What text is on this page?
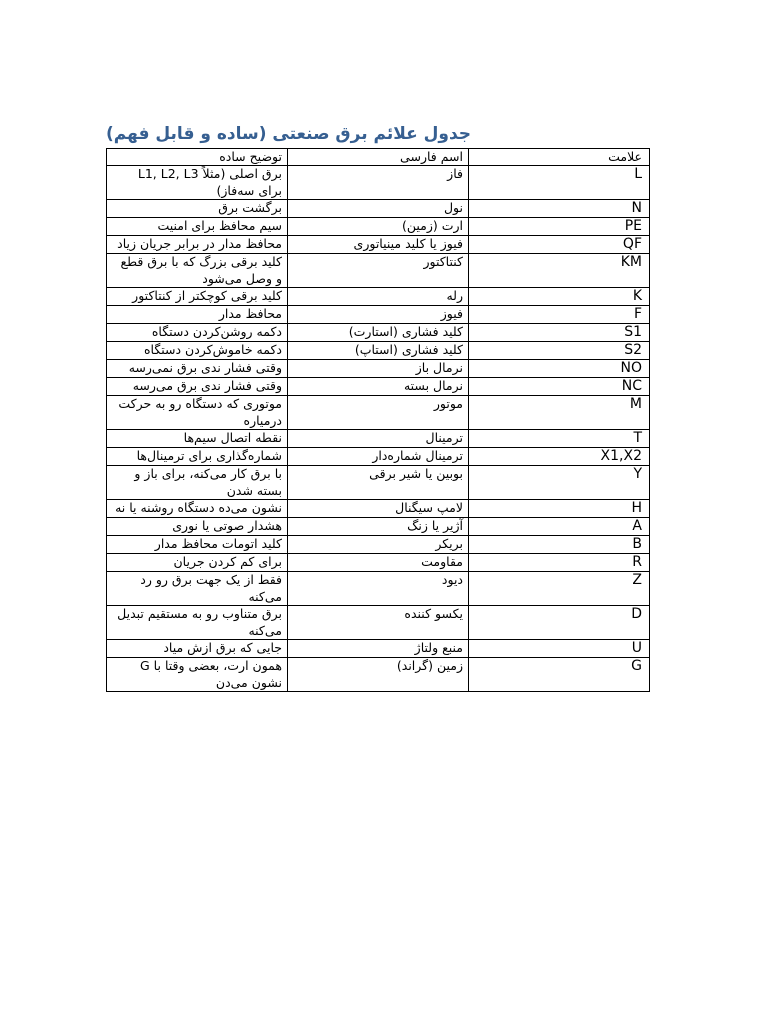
جدول علائم برق صنعتی (ساده و قابل فهم)
علامت	اسم فارسی	توضیح ساده
L	فاز	برق اصلی (مثلاً L1, L2, L3 برای سه‌فاز)

N	نول	برگشت برق

PE	ارت (زمین)	سیم محافظ برای امنیت

QF	فیوز یا کلید مینیاتوری	محافظ مدار در برابر جریان زیاد

KM	کنتاکتور	کلید برقی بزرگ که با برق قطع و وصل می‌شود

K	رله	کلید برقی کوچکتر از کنتاکتور

F	فیوز	محافظ مدار

S1	کلید فشاری (استارت)	دکمه روشن‌کردن دستگاه

S2	کلید فشاری (استاپ)	دکمه خاموش‌کردن دستگاه

NO	نرمال باز	وقتی فشار ندی برق نمی‌رسه

NC	نرمال بسته	وقتی فشار ندی برق می‌رسه

M	موتور	موتوری که دستگاه رو به حرکت درمیاره

T	ترمینال	نقطه اتصال سیم‌ها

X1,X2	ترمینال شماره‌دار	شماره‌گذاری برای ترمینال‌ها

Y	بوبین یا شیر برقی	با برق کار می‌کنه، برای باز و بسته شدن

H	لامپ سیگنال	نشون می‌ده دستگاه روشنه یا نه

A	آژیر یا زنگ	هشدار صوتی یا نوری

B	بریکر	کلید اتومات محافظ مدار

R	مقاومت	برای کم کردن جریان

Z	دیود	فقط از یک جهت برق رو رد می‌کنه

D	یکسو کننده	برق متناوب رو به مستقیم تبدیل می‌کنه

U	منبع ولتاژ	جایی که برق ازش میاد

G	زمین (گراند)	همون ارت، بعضی وقتا با G نشون می‌دن
